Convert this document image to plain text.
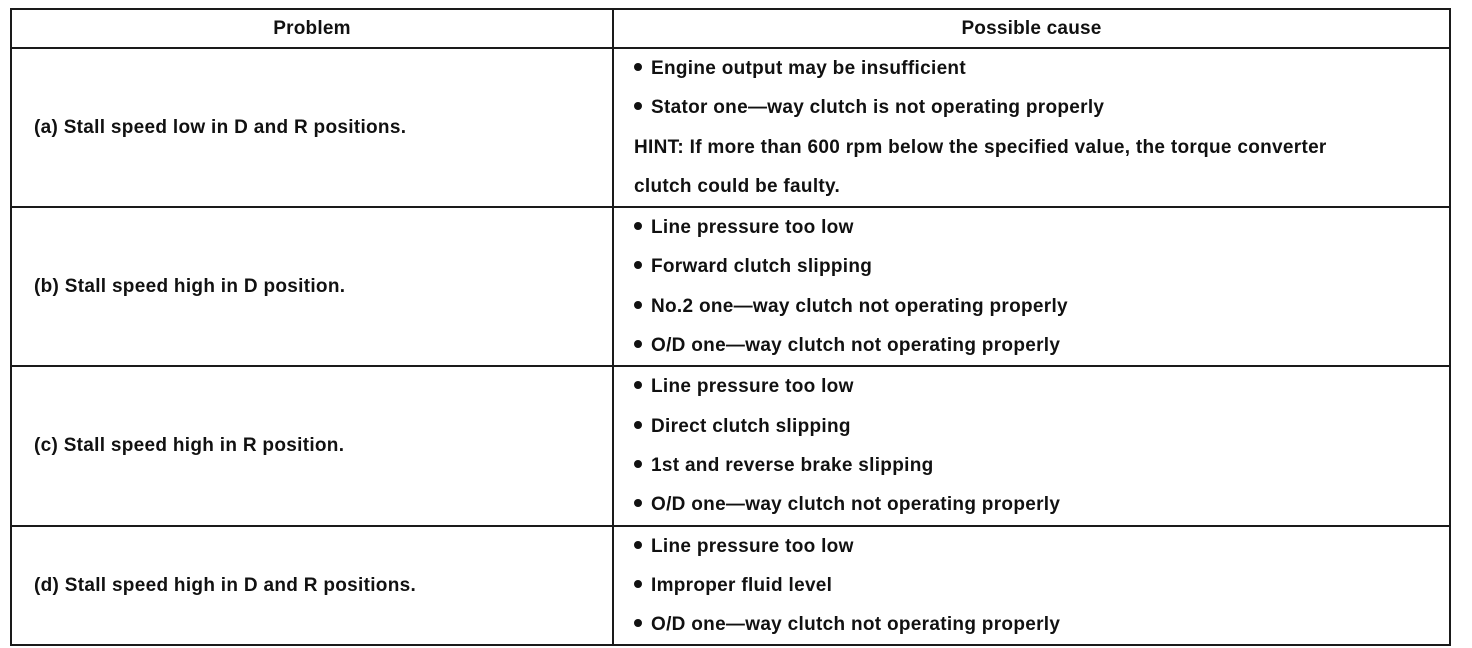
Problem	Possible cause
(a) Stall speed low in D and R positions.	Engine output may be insufficient
Stator one—way clutch is not operating properly
HINT: If more than 600 rpm below the specified value, the torque converter
clutch could be faulty.

(b) Stall speed high in D position.	Line pressure too low
Forward clutch slipping
No.2 one—way clutch not operating properly
O/D one—way clutch not operating properly

(c) Stall speed high in R position.	Line pressure too low
Direct clutch slipping
1st and reverse brake slipping
O/D one—way clutch not operating properly

(d) Stall speed high in D and R positions.	Line pressure too low
Improper fluid level
O/D one—way clutch not operating properly
